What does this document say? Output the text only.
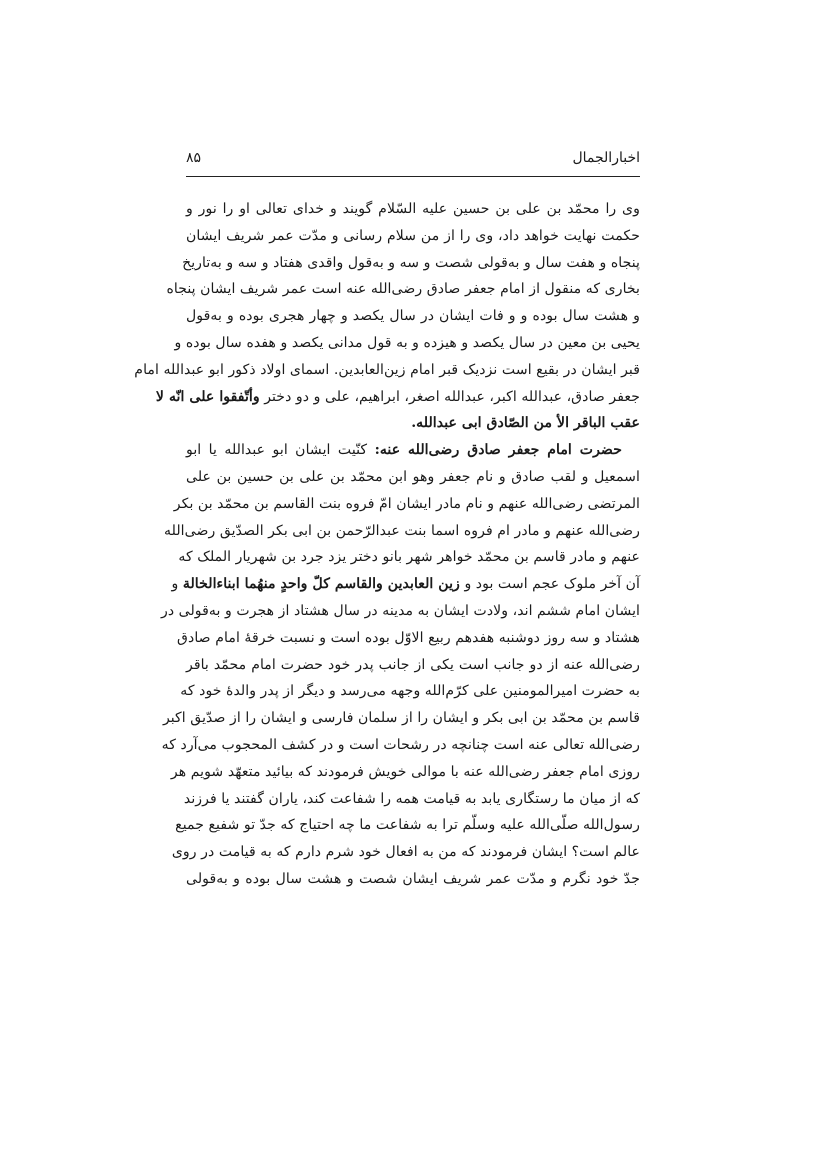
اخبارالجمال
۸۵

وی را محمّد بن علی بن حسین علیه السّلام گویند و خدای تعالی او را نور و
حکمت نهایت خواهد داد، وی را از من سلام رسانی و مدّت عمر شریف ایشان
پنجاه و هفت سال و به‌قولی شصت و سه و به‌قول واقدی هفتاد و سه و به‌تاریخ
بخاری که منقول از امام جعفر صادق رضی‌الله عنه است عمر شریف ایشان پنجاه
و هشت سال بوده و و فات ایشان در سال یکصد و چهار هجری بوده و به‌قول
یحیی بن معین در سال یکصد و هیزده و به قول مدانی یکصد و هفده سال بوده و
قبر ایشان در بقیع است نزدیک قبر امام زین‌العابدین. اسمای اولاد ذکور ابو عبدالله امام
جعفر صادق، عبدالله اکبر، عبدالله اصغر، ابراهیم، علی و دو دختر وأتّفقوا علی انّه لا
عقب الباقر الأ من الصّادق ابی عبدالله.

حضرت امام جعفر صادق رضی‌الله عنه: کنّیت ایشان ابو عبدالله یا ابو
اسمعیل و لقب صادق و نام جعفر وهو ابن محمّد بن علی بن حسین بن علی
المرتضی رضی‌الله عنهم و نام مادر ایشان امّ فروه بنت القاسم بن محمّد بن بکر
رضی‌الله عنهم و مادر ام فروه اسما بنت عبدالرّحمن بن ابی بکر الصدّیق رضی‌الله
عنهم و مادر قاسم بن محمّد خواهر شهر بانو دختر یزد جرد بن شهریار الملک که
آن آخر ملوک عجم است بود و زین العابدین والقاسم کلّ واحدٍ منهُما ابناءالخالة و
ایشان امام ششم اند، ولادت ایشان به مدینه در سال هشتاد از هجرت و به‌قولی در
هشتاد و سه روز دوشنبه هفدهم ربیع الاوّل بوده است و نسبت خرقهٔ امام صادق
رضی‌الله عنه از دو جانب است یکی از جانب پدر خود حضرت امام محمّد باقر
به حضرت امیرالمومنین علی کرّم‌الله وجهه می‌رسد و دیگر از پدر والدهٔ خود که
قاسم بن محمّد بن ابی بکر و ایشان را از سلمان فارسی و ایشان را از صدّیق اکبر
رضی‌الله تعالی عنه است چنانچه در رشحات است و در کشف المحجوب می‌آرد که
روزی امام جعفر رضی‌الله عنه با موالی خویش فرمودند که بیائید متعهّد شویم هر
که از میان ما رستگاری یابد به قیامت همه را شفاعت کند، یاران گفتند یا فرزند
رسول‌الله صلّی‌الله علیه وسلّم ترا به شفاعت ما چه احتیاج که جدّ تو شفیع جمیع
عالم است؟ ایشان فرمودند که من به افعال خود شرم دارم که به قیامت در روی
جدّ خود نگرم و مدّت عمر شریف ایشان شصت و هشت سال بوده و به‌قولی
